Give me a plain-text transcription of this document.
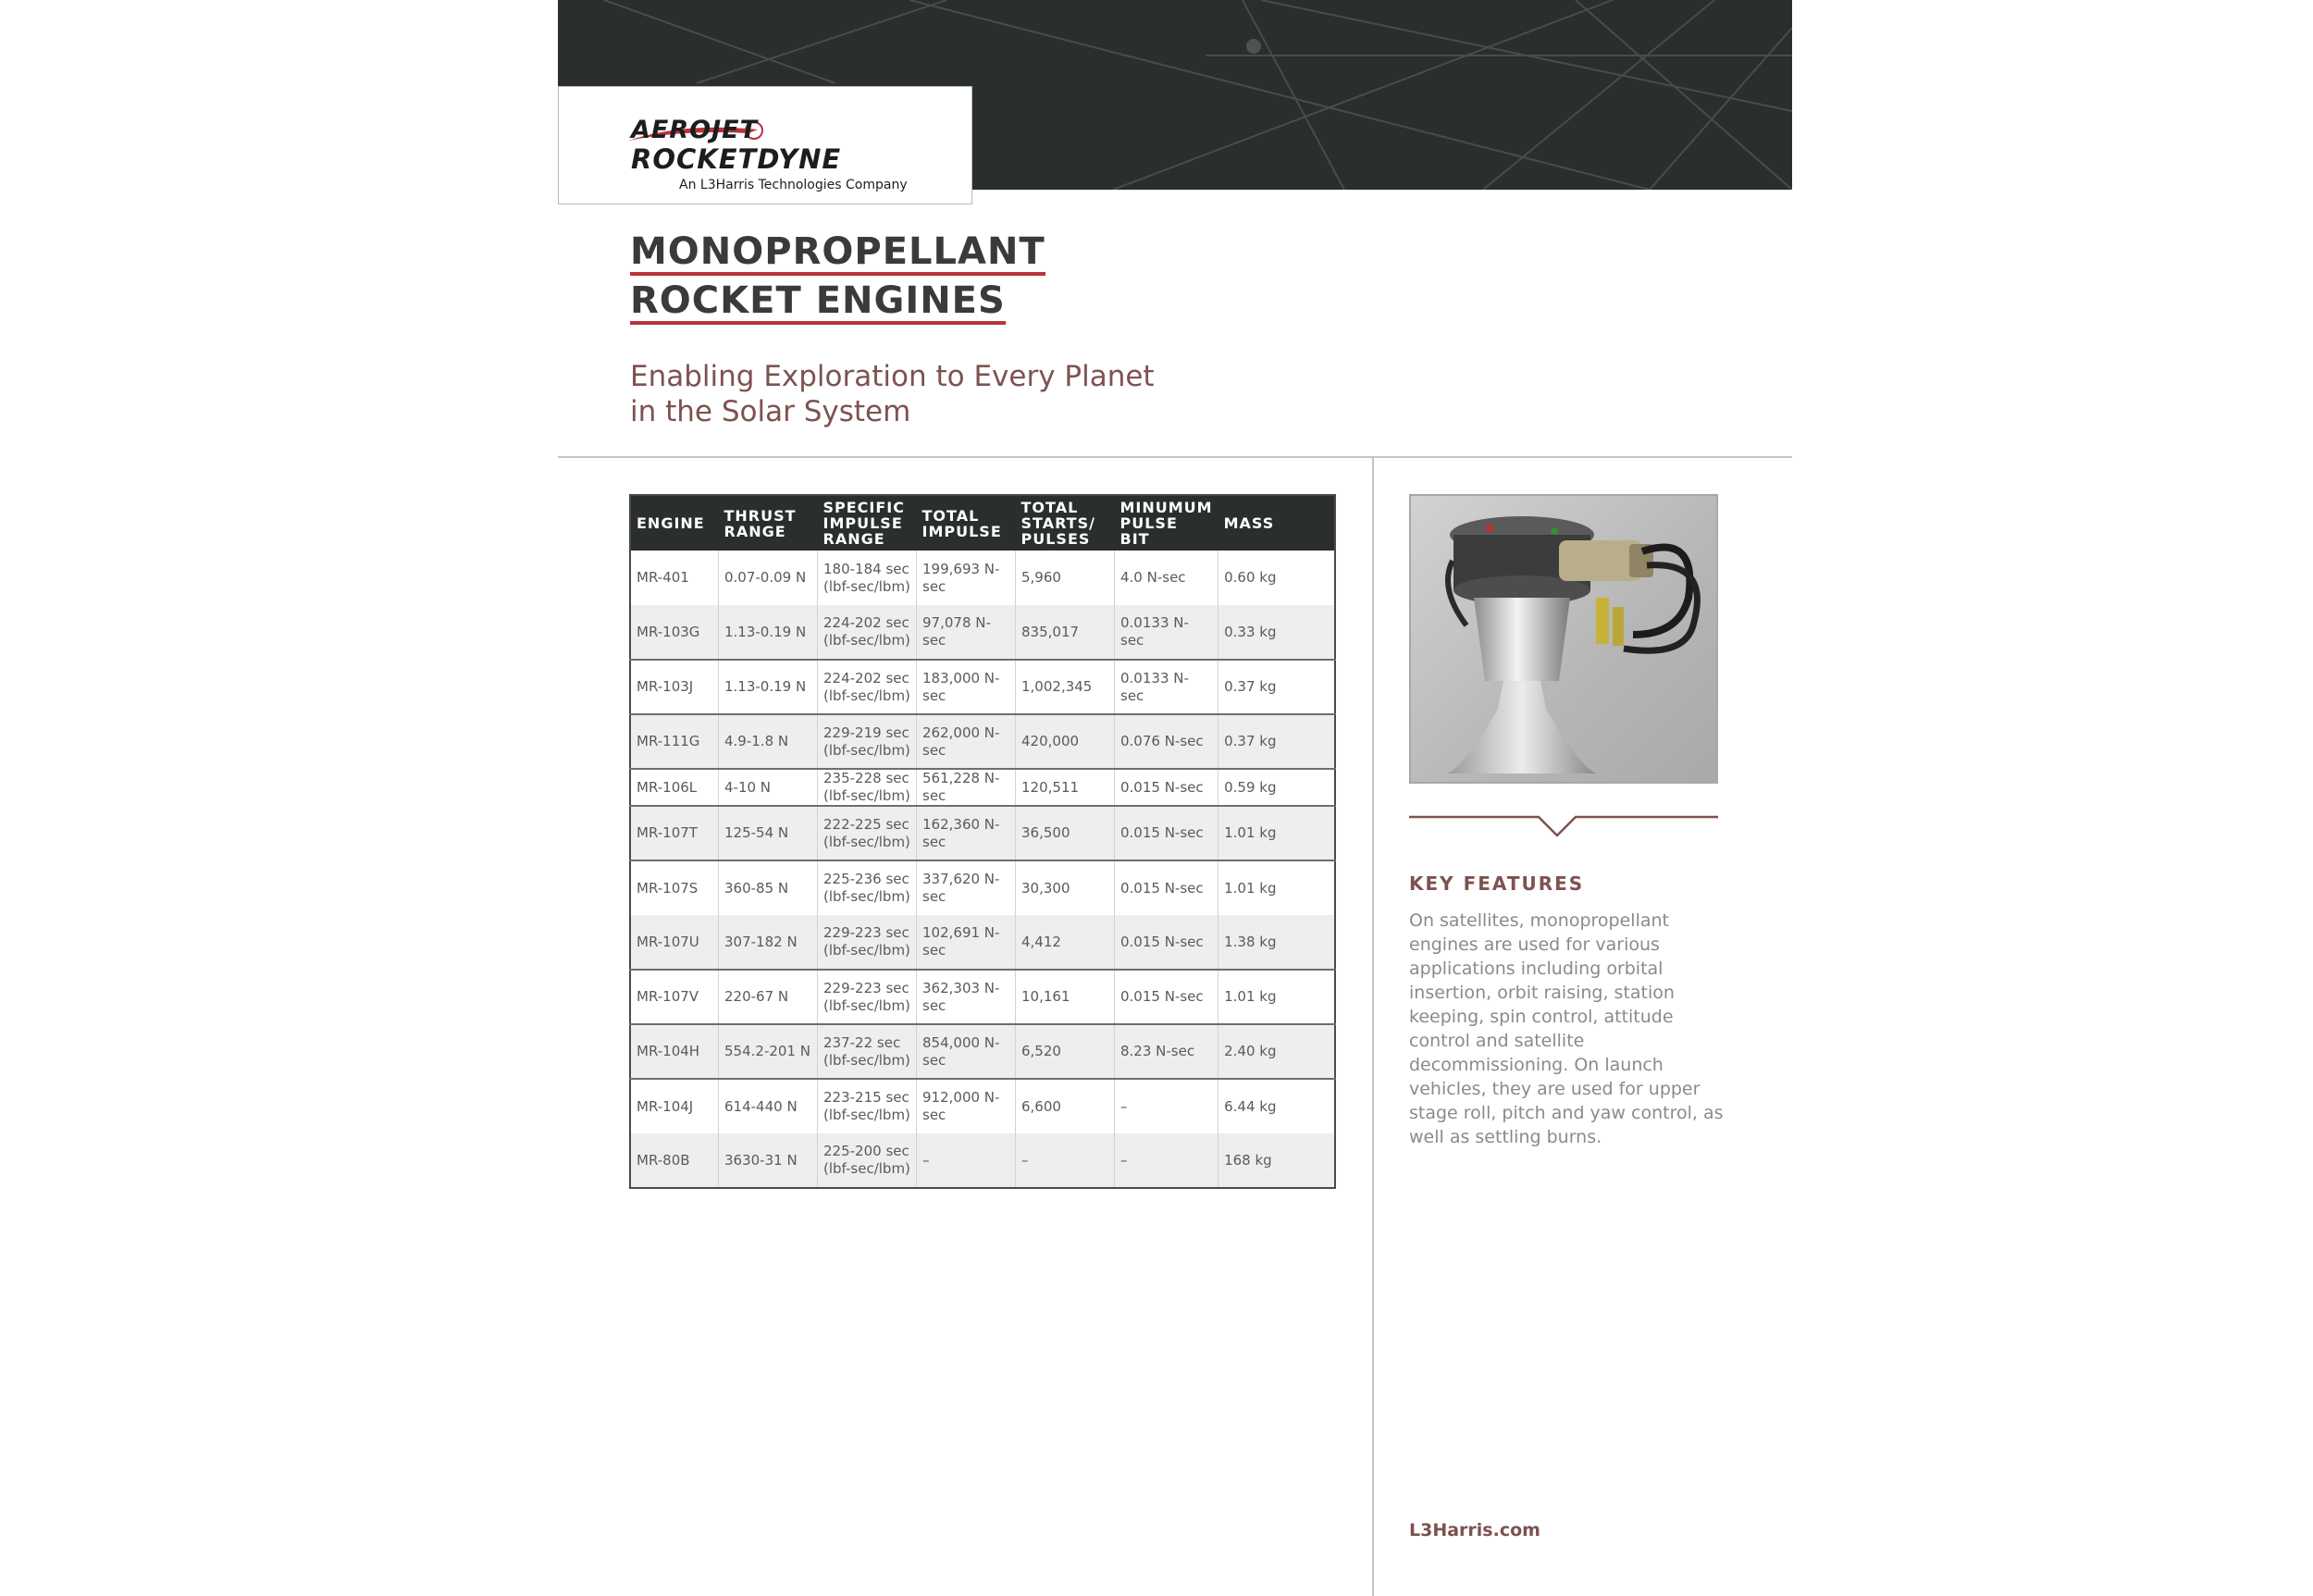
AEROJET
ROCKETDYNE
An L3Harris Technologies Company
MONOPROPELLANT
ROCKET ENGINES
Enabling Exploration to Every Planet in the Solar System
ENGINE	THRUST RANGE	SPECIFIC IMPULSE RANGE	TOTAL IMPULSE	TOTAL STARTS/ PULSES	MINUMUM PULSE BIT	MASS
MR-401	0.07-0.09 N	180-184 sec (lbf-sec/lbm)	199,693 N-sec	5,960	4.0 N-sec	0.60 kg
MR-103G	1.13-0.19 N	224-202 sec (lbf-sec/lbm)	97,078 N-sec	835,017	0.0133 N-sec	0.33 kg
MR-103J	1.13-0.19 N	224-202 sec (lbf-sec/lbm)	183,000 N-sec	1,002,345	0.0133 N-sec	0.37 kg
MR-111G	4.9-1.8 N	229-219 sec (lbf-sec/lbm)	262,000 N-sec	420,000	0.076 N-sec	0.37 kg
MR-106L	4-10 N	235-228 sec (lbf-sec/lbm)	561,228 N-sec	120,511	0.015 N-sec	0.59 kg
MR-107T	125-54 N	222-225 sec (lbf-sec/lbm)	162,360 N-sec	36,500	0.015 N-sec	1.01 kg
MR-107S	360-85 N	225-236 sec (lbf-sec/lbm)	337,620 N-sec	30,300	0.015 N-sec	1.01 kg
MR-107U	307-182 N	229-223 sec (lbf-sec/lbm)	102,691 N-sec	4,412	0.015 N-sec	1.38 kg
MR-107V	220-67 N	229-223 sec (lbf-sec/lbm)	362,303 N-sec	10,161	0.015 N-sec	1.01 kg
MR-104H	554.2-201 N	237-22 sec (lbf-sec/lbm)	854,000 N-sec	6,520	8.23 N-sec	2.40 kg
MR-104J	614-440 N	223-215 sec (lbf-sec/lbm)	912,000 N-sec	6,600	–	6.44 kg
MR-80B	3630-31 N	225-200 sec (lbf-sec/lbm)	–	–	–	168 kg
KEY FEATURES
On satellites, monopropellant engines are used for various applications including orbital insertion, orbit raising, station keeping, spin control, attitude control and satellite decommissioning. On launch vehicles, they are used for upper stage roll, pitch and yaw control, as well as settling burns.
L3Harris.com
